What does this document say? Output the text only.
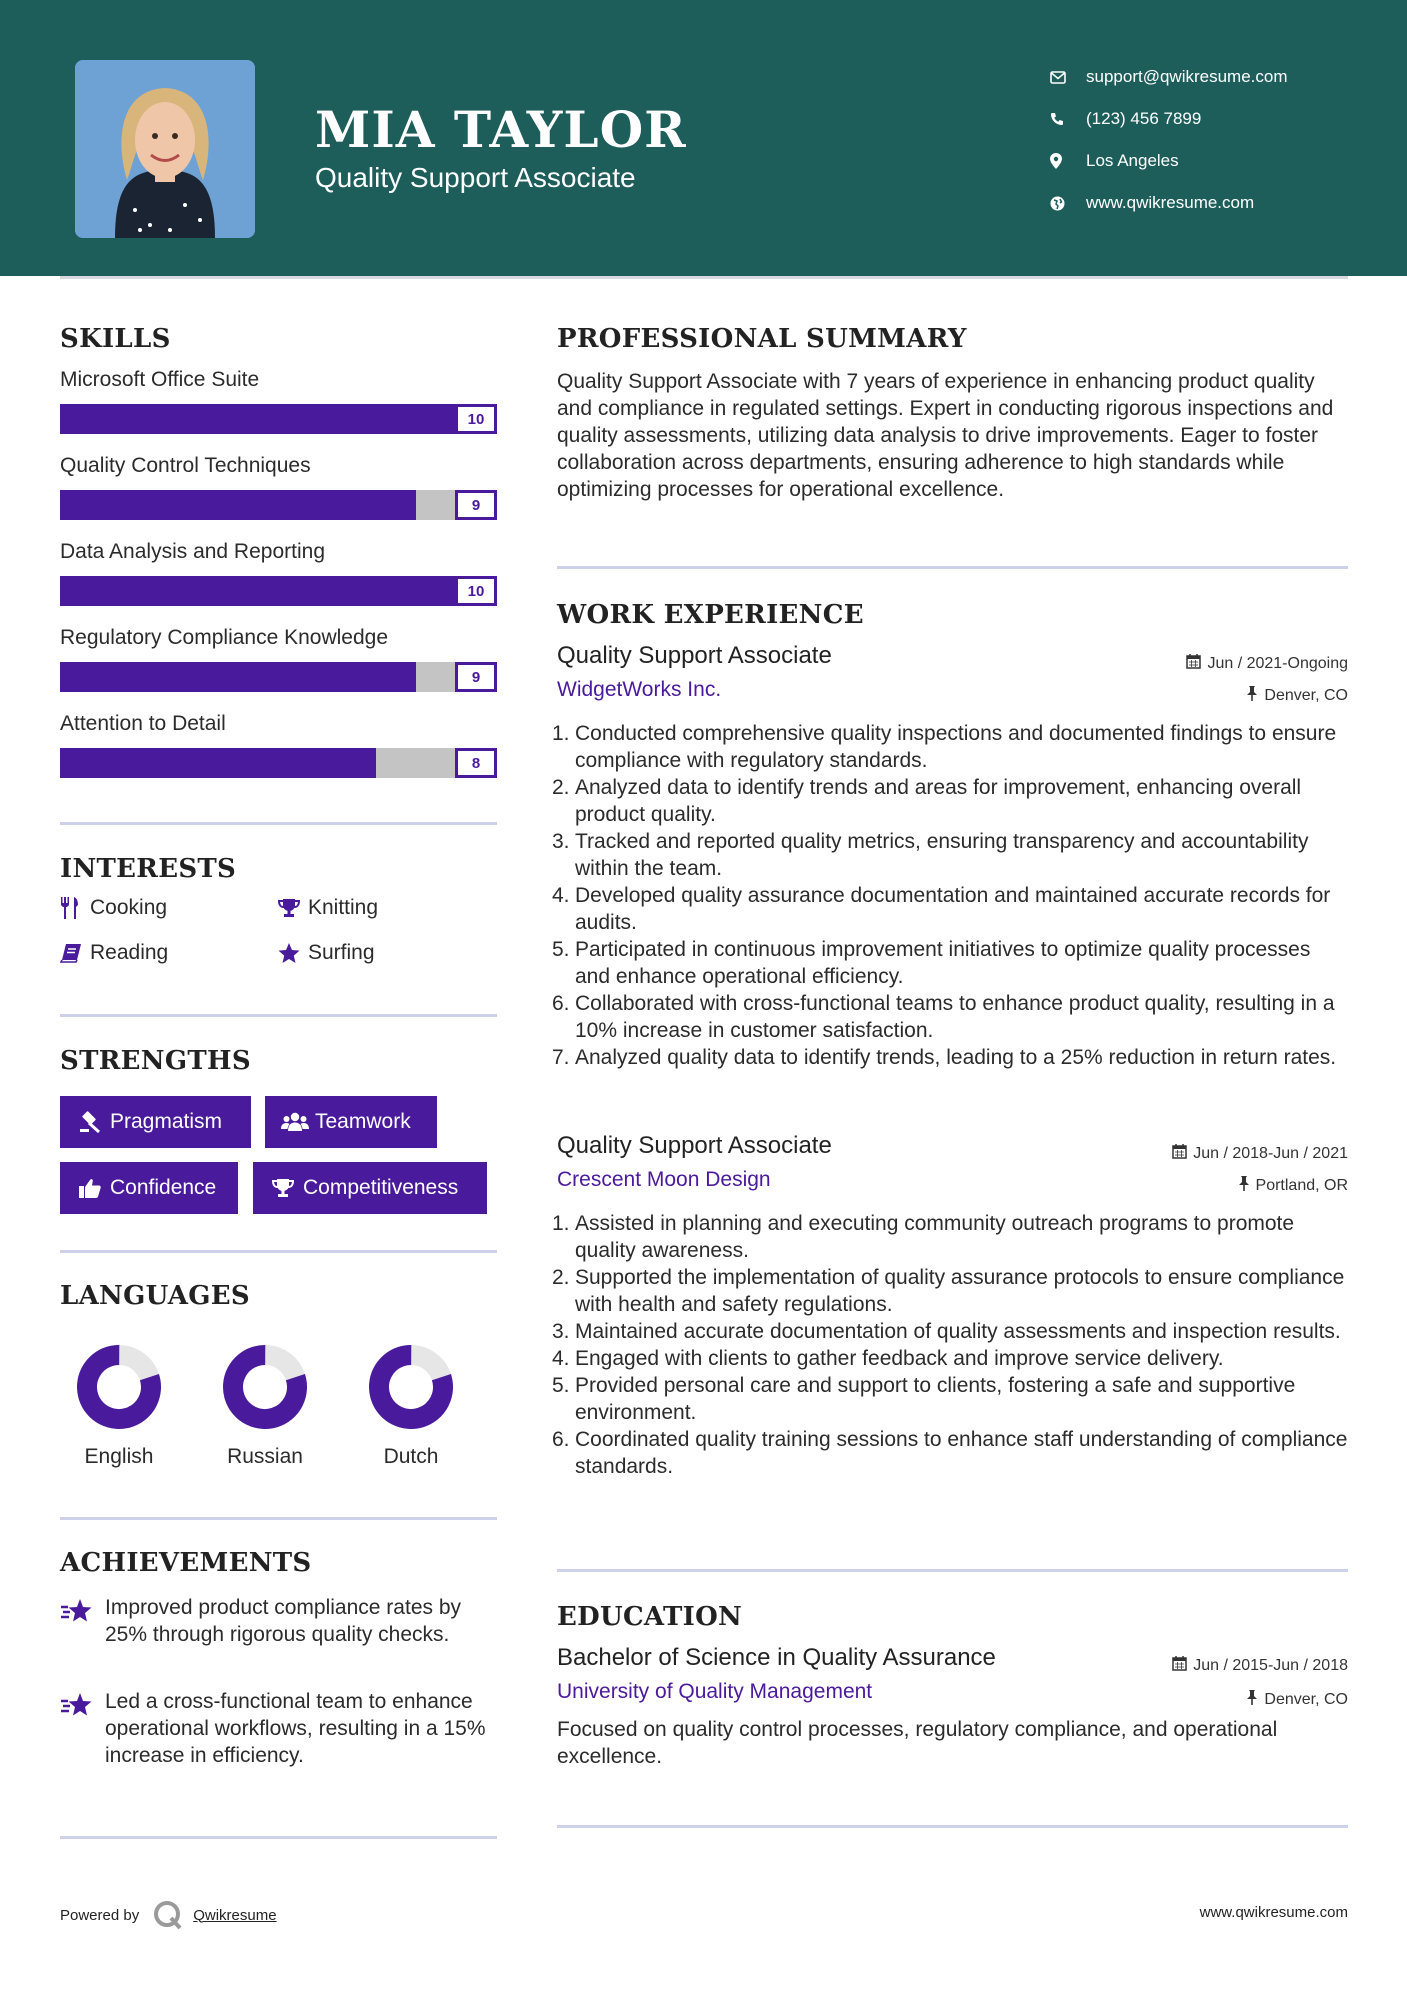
MIA TAYLOR
Quality Support Associate
support@qwikresume.com
(123) 456 7899
Los Angeles
www.qwikresume.com
SKILLS
Microsoft Office Suite
10
Quality Control Techniques
9
Data Analysis and Reporting
10
Regulatory Compliance Knowledge
9
Attention to Detail
8
INTERESTS
Cooking	Knitting
Reading	Surfing
STRENGTHS
Pragmatism	Teamwork
Confidence	Competitiveness
LANGUAGES
English	Russian	Dutch
ACHIEVEMENTS
Improved product compliance rates by 25% through rigorous quality checks.
Led a cross-functional team to enhance operational workflows, resulting in a 15% increase in efficiency.
PROFESSIONAL SUMMARY
Quality Support Associate with 7 years of experience in enhancing product quality and compliance in regulated settings. Expert in conducting rigorous inspections and quality assessments, utilizing data analysis to drive improvements. Eager to foster collaboration across departments, ensuring adherence to high standards while optimizing processes for operational excellence.
WORK EXPERIENCE
Quality Support Associate	Jun / 2021-Ongoing
WidgetWorks Inc.	Denver, CO
1. Conducted comprehensive quality inspections and documented findings to ensure compliance with regulatory standards.
2. Analyzed data to identify trends and areas for improvement, enhancing overall product quality.
3. Tracked and reported quality metrics, ensuring transparency and accountability within the team.
4. Developed quality assurance documentation and maintained accurate records for audits.
5. Participated in continuous improvement initiatives to optimize quality processes and enhance operational efficiency.
6. Collaborated with cross-functional teams to enhance product quality, resulting in a 10% increase in customer satisfaction.
7. Analyzed quality data to identify trends, leading to a 25% reduction in return rates.
Quality Support Associate	Jun / 2018-Jun / 2021
Crescent Moon Design	Portland, OR
1. Assisted in planning and executing community outreach programs to promote quality awareness.
2. Supported the implementation of quality assurance protocols to ensure compliance with health and safety regulations.
3. Maintained accurate documentation of quality assessments and inspection results.
4. Engaged with clients to gather feedback and improve service delivery.
5. Provided personal care and support to clients, fostering a safe and supportive environment.
6. Coordinated quality training sessions to enhance staff understanding of compliance standards.
EDUCATION
Bachelor of Science in Quality Assurance	Jun / 2015-Jun / 2018
University of Quality Management	Denver, CO
Focused on quality control processes, regulatory compliance, and operational excellence.
Powered by	Qwikresume	www.qwikresume.com
